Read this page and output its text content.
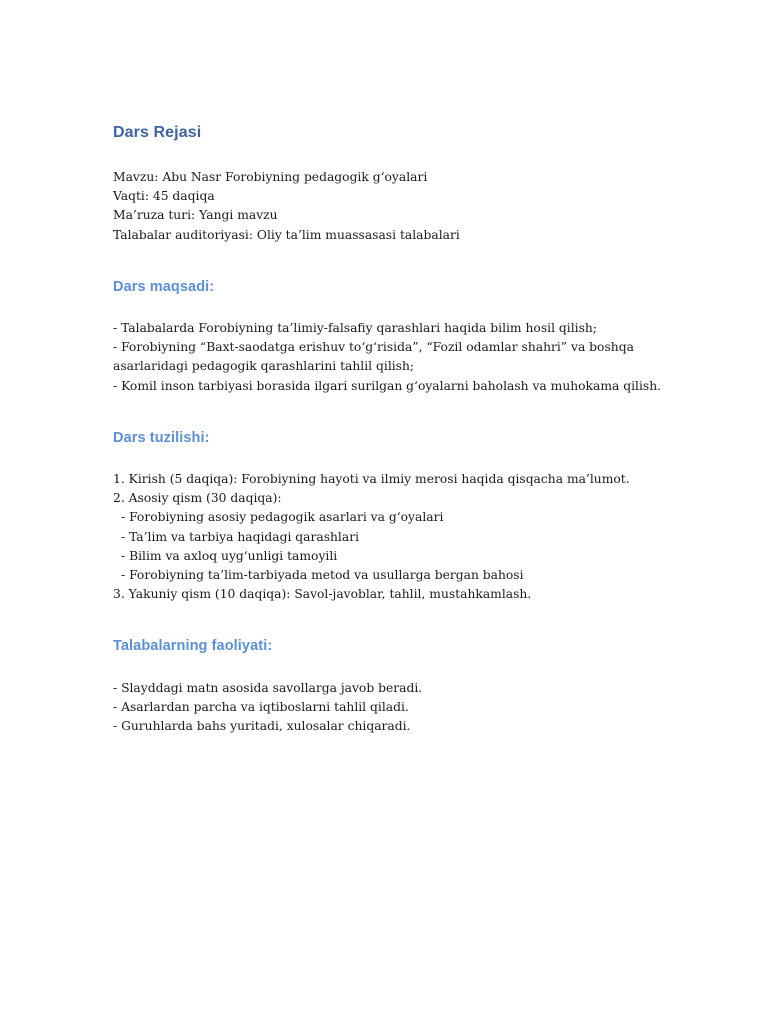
Dars Rejasi
Mavzu: Abu Nasr Forobiyning pedagogik g‘oyalari
Vaqti: 45 daqiqa
Ma’ruza turi: Yangi mavzu
Talabalar auditoriyasi: Oliy ta’lim muassasasi talabalari
Dars maqsadi:
- Talabalarda Forobiyning ta’limiy-falsafiy qarashlari haqida bilim hosil qilish;
- Forobiyning “Baxt-saodatga erishuv to‘g‘risida”, “Fozil odamlar shahri” va boshqa
asarlaridagi pedagogik qarashlarini tahlil qilish;
- Komil inson tarbiyasi borasida ilgari surilgan g‘oyalarni baholash va muhokama qilish.
Dars tuzilishi:
1. Kirish (5 daqiqa): Forobiyning hayoti va ilmiy merosi haqida qisqacha ma’lumot.
2. Asosiy qism (30 daqiqa):
- Forobiyning asosiy pedagogik asarlari va g‘oyalari
- Ta’lim va tarbiya haqidagi qarashlari
- Bilim va axloq uyg‘unligi tamoyili
- Forobiyning ta’lim-tarbiyada metod va usullarga bergan bahosi
3. Yakuniy qism (10 daqiqa): Savol-javoblar, tahlil, mustahkamlash.
Talabalarning faoliyati:
- Slayddagi matn asosida savollarga javob beradi.
- Asarlardan parcha va iqtiboslarni tahlil qiladi.
- Guruhlarda bahs yuritadi, xulosalar chiqaradi.
